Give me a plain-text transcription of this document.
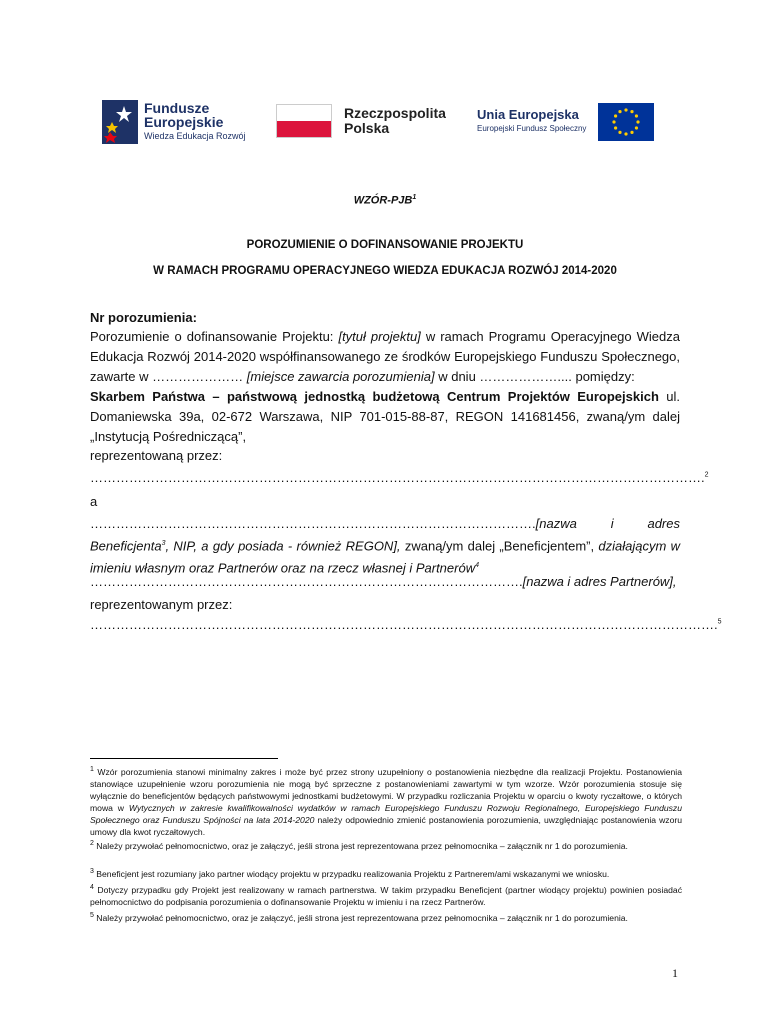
Fundusze
Europejskie
Wiedza Edukacja Rozwój
Rzeczpospolita
Polska
Unia Europejska
Europejski Fundusz Społeczny
WZÓR-PJB$^1$
POROZUMIENIE O DOFINANSOWANIE PROJEKTU
W RAMACH PROGRAMU OPERACYJNEGO WIEDZA EDUKACJA ROZWÓJ 2014-2020
Nr porozumienia:
Porozumienie o dofinansowanie Projektu: [tytuł projektu] w ramach Programu Operacyjnego Wiedza Edukacja Rozwój 2014-2020 współfinansowanego ze środków Europejskiego Funduszu Społecznego, zawarte w ………………… [miejsce zawarcia porozumienia] w dniu ……………….... pomiędzy:
Skarbem Państwa – państwową jednostką budżetową Centrum Projektów Europejskich ul. Domaniewska 39a, 02-672 Warszawa, NIP 701-015-88-87, REGON 141681456, zwaną/ym dalej „Instytucją Pośredniczącą”,
reprezentowaną przez:
…………………………………………………………………………………………………………………………….$^2$
a
………………………………………………………………………………………….[nazwa i adres Beneficjenta$^3$, NIP, a gdy posiada - również REGON], zwaną/ym dalej „Beneficjentem”, działającym w imieniu własnym oraz Partnerów oraz na rzecz własnej i Partnerów$^4$
……………………………………………………………………………………….[nazwa i adres Partnerów],
reprezentowanym przez:
……………………………………………………………………………………………………………………………….$^5$
$^1$ Wzór porozumienia stanowi minimalny zakres i może być przez strony uzupełniony o postanowienia niezbędne dla realizacji Projektu. Postanowienia stanowiące uzupełnienie wzoru porozumienia nie mogą być sprzeczne z postanowieniami zawartymi w tym wzorze. Wzór porozumienia stosuje się wyłącznie do beneficjentów będących państwowymi jednostkami budżetowymi. W przypadku rozliczania Projektu w oparciu o kwoty ryczałtowe, o których mowa w Wytycznych w zakresie kwalifikowalności wydatków w ramach Europejskiego Funduszu Rozwoju Regionalnego, Europejskiego Funduszu Społecznego oraz Funduszu Spójności na lata 2014-2020 należy odpowiednio zmienić postanowienia porozumienia, uwzględniając postanowienia wzoru umowy dla kwot ryczałtowych.
$^2$ Należy przywołać pełnomocnictwo, oraz je załączyć, jeśli strona jest reprezentowana przez pełnomocnika – załącznik nr 1 do porozumienia.
$^3$ Beneficjent jest rozumiany jako partner wiodący projektu w przypadku realizowania Projektu z Partnerem/ami wskazanymi we wniosku.
$^4$ Dotyczy przypadku gdy Projekt jest realizowany w ramach partnerstwa. W takim przypadku Beneficjent (partner wiodący projektu) powinien posiadać pełnomocnictwo do podpisania porozumienia o dofinansowanie Projektu w imieniu i na rzecz Partnerów.
$^5$ Należy przywołać pełnomocnictwo, oraz je załączyć, jeśli strona jest reprezentowana przez pełnomocnika – załącznik nr 1 do porozumienia.
1
